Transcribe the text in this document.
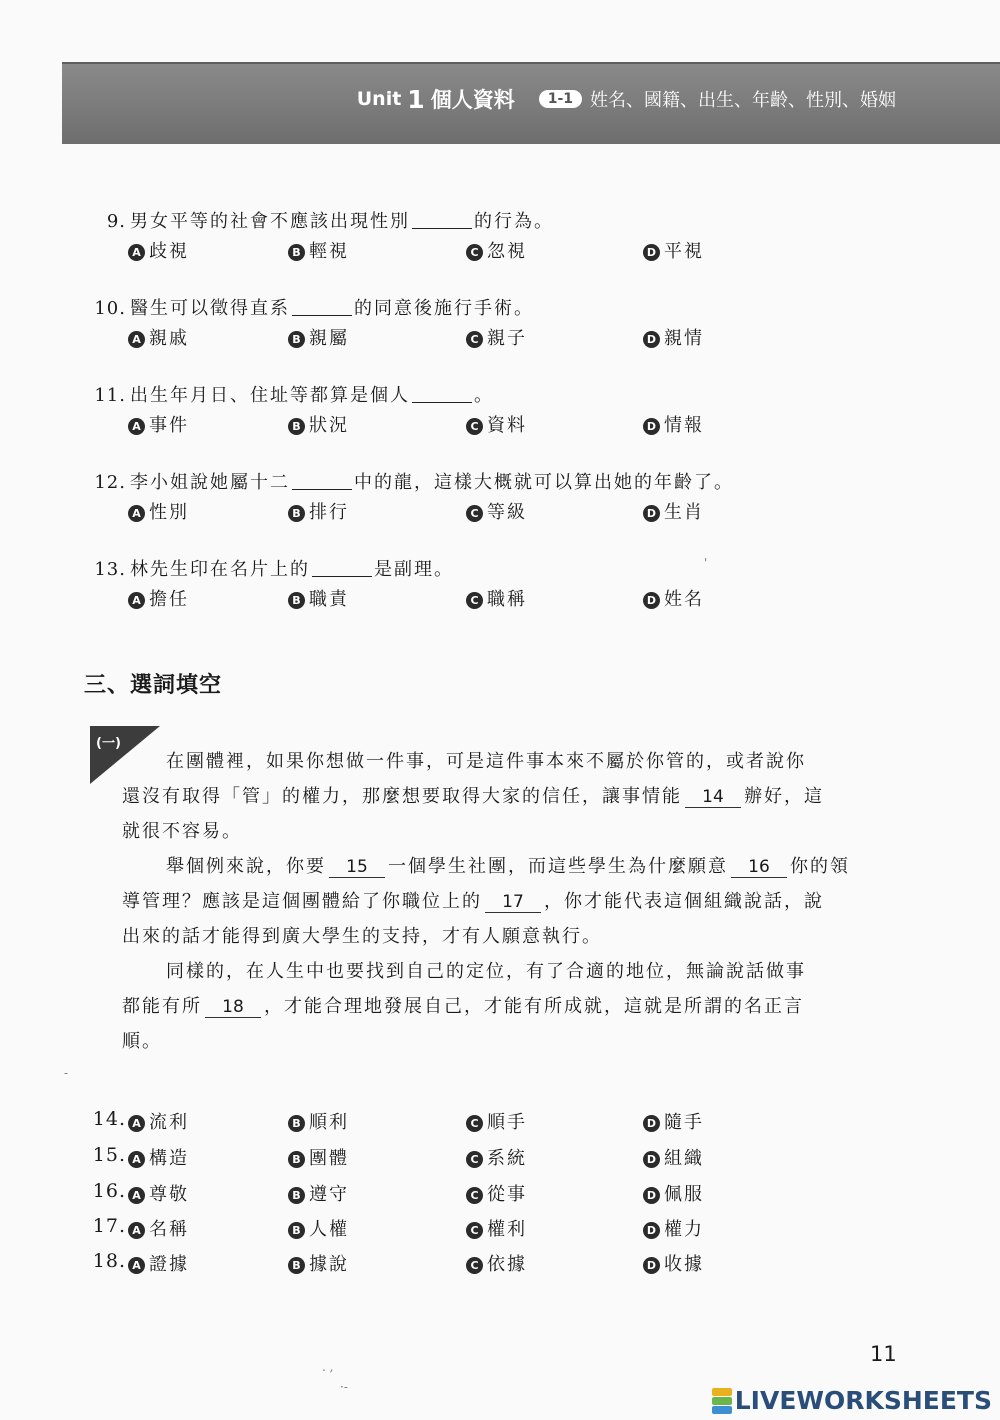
Unit 1 個人資料	1-1 姓名、國籍、出生、年齡、性別、婚姻
9. 男女平等的社會不應該出現性別	的行為。
A 歧視	B 輕視	C 忽視	D 平視
10. 醫生可以徵得直系	的同意後施行手術。
A 親戚	B 親屬	C 親子	D 親情
11. 出生年月日、住址等都算是個人	。
A 事件	B 狀況	C 資料	D 情報
12. 李小姐說她屬十二	中的龍，這樣大概就可以算出她的年齡了。
A 性別	B 排行	C 等級	D 生肖
13. 林先生印在名片上的	是副理。
A 擔任	B 職責	C 職稱	D 姓名
'
三、選詞填空
(一)
在團體裡，如果你想做一件事，可是這件事本來不屬於你管的，或者說你
還沒有取得「管」的權力，那麼想要取得大家的信任，讓事情能 14 辦好，這
就很不容易。
舉個例來說，你要 15 一個學生社團，而這些學生為什麼願意 16 你的領
導管理？應該是這個團體給了你職位上的 17 ，你才能代表這個組織說話，說
出來的話才能得到廣大學生的支持，才有人願意執行。
同樣的，在人生中也要找到自己的定位，有了合適的地位，無論說話做事
都能有所 18 ，才能合理地發展自己，才能有所成就，這就是所謂的名正言
順。
-
14. A 流利	B 順利	C 順手	D 隨手
15. A 構造	B 團體	C 系統	D 組織
16. A 尊敬	B 遵守	C 從事	D 佩服
17. A 名稱	B 人權	C 權利	D 權力
18. A 證據	B 據說	C 依據	D 收據
11
. ,
·-	LIVEWORKSHEETS
